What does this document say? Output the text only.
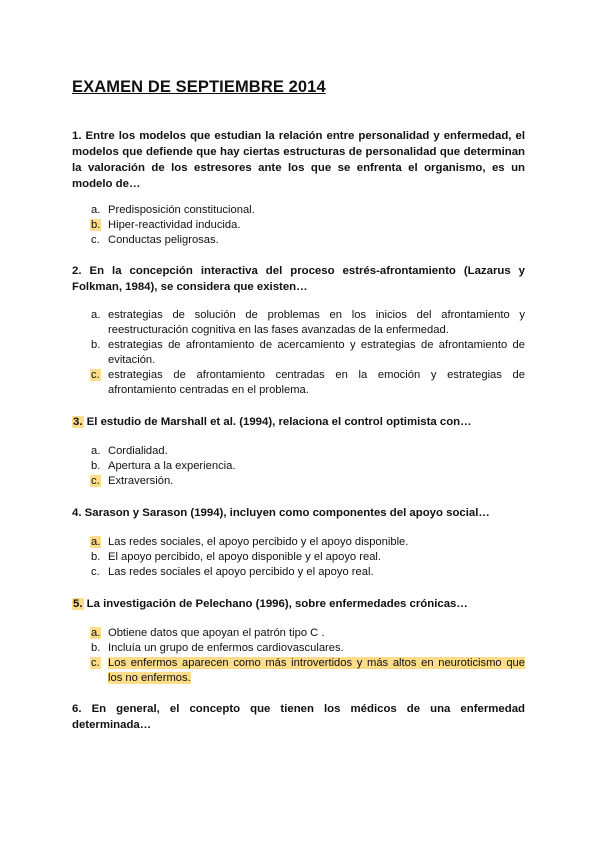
EXAMEN DE SEPTIEMBRE 2014
1. Entre los modelos que estudian la relación entre personalidad y enfermedad, el modelos que defiende que hay ciertas estructuras de personalidad que determinan la valoración de los estresores ante los que se enfrenta el organismo, es un modelo de…
a. Predisposición constitucional.
b. Hiper-reactividad inducida.
c. Conductas peligrosas.
2. En la concepción interactiva del proceso estrés-afrontamiento (Lazarus y Folkman, 1984), se considera que existen…
a. estrategias de solución de problemas en los inicios del afrontamiento y reestructuración cognitiva en las fases avanzadas de la enfermedad.
b. estrategias de afrontamiento de acercamiento y estrategias de afrontamiento de evitación.
c. estrategias de afrontamiento centradas en la emoción y estrategias de afrontamiento centradas en el problema.
3. El estudio de Marshall et al. (1994), relaciona el control optimista con…
a. Cordialidad.
b. Apertura a la experiencia.
c. Extraversión.
4. Sarason y Sarason (1994), incluyen como componentes del apoyo social…
a. Las redes sociales, el apoyo percibido y el apoyo disponible.
b. El apoyo percibido, el apoyo disponible y el apoyo real.
c. Las redes sociales el apoyo percibido y el apoyo real.
5. La investigación de Pelechano (1996), sobre enfermedades crónicas…
a. Obtiene datos que apoyan el patrón tipo C .
b. Incluía un grupo de enfermos cardiovasculares.
c. Los enfermos aparecen como más introvertidos y más altos en neuroticismo que los no enfermos.
6. En general, el concepto que tienen los médicos de una enfermedad determinada…
